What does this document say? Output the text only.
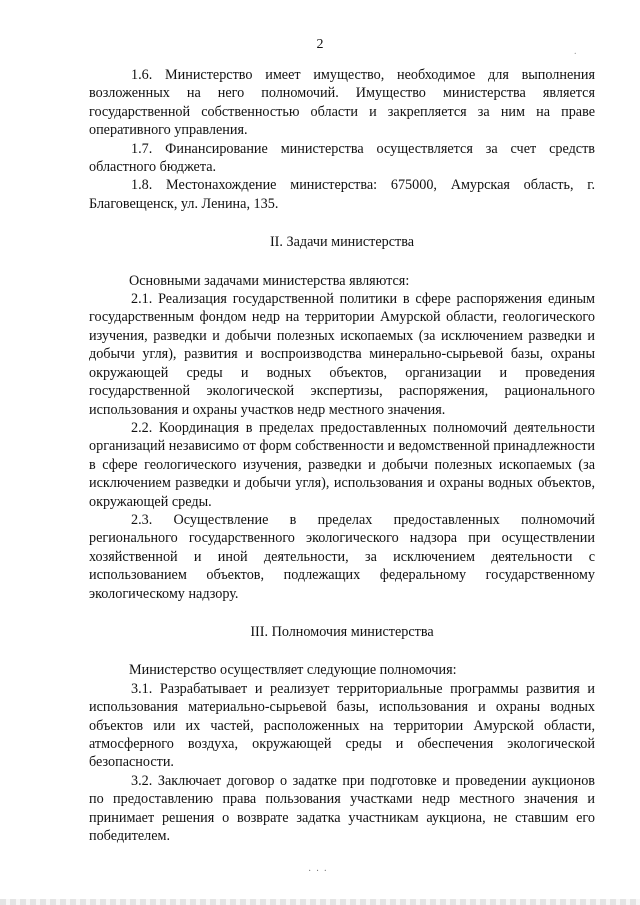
2	.

1.6. Министерство имеет имущество, необходимое для выполнения возложенных на него полномочий. Имущество министерства является государственной собственностью области и закрепляется за ним на праве оперативного управления.

1.7. Финансирование министерства осуществляется за счет средств областного бюджета.

1.8. Местонахождение министерства: 675000, Амурская область, г. Благовещенск, ул. Ленина, 135.

II. Задачи министерства

Основными задачами министерства являются:

2.1. Реализация государственной политики в сфере распоряжения единым государственным фондом недр на территории Амурской области, геологического изучения, разведки и добычи полезных ископаемых (за исключением разведки и добычи угля), развития и воспроизводства минерально-сырьевой базы, охраны окружающей среды и водных объектов, организации и проведения государственной экологической экспертизы, распоряжения, рационального использования и охраны участков недр местного значения.

2.2. Координация в пределах предоставленных полномочий деятельности организаций независимо от форм собственности и ведомственной принадлежности в сфере геологического изучения, разведки и добычи полезных ископаемых (за исключением разведки и добычи угля), использования и охраны водных объектов, окружающей среды.

2.3. Осуществление в пределах предоставленных полномочий регионального государственного экологического надзора при осуществлении хозяйственной и иной деятельности, за исключением деятельности с использованием объектов, подлежащих федеральному государственному экологическому надзору.

III. Полномочия министерства

Министерство осуществляет следующие полномочия:

3.1. Разрабатывает и реализует территориальные программы развития и использования материально-сырьевой базы, использования и охраны водных объектов или их частей, расположенных на территории Амурской области, атмосферного воздуха, окружающей среды и обеспечения экологической безопасности.

3.2. Заключает договор о задатке при подготовке и проведении аукционов по предоставлению права пользования участками недр местного значения и принимает решения о возврате задатка участникам аукциона, не ставшим его победителем.

· · ·
